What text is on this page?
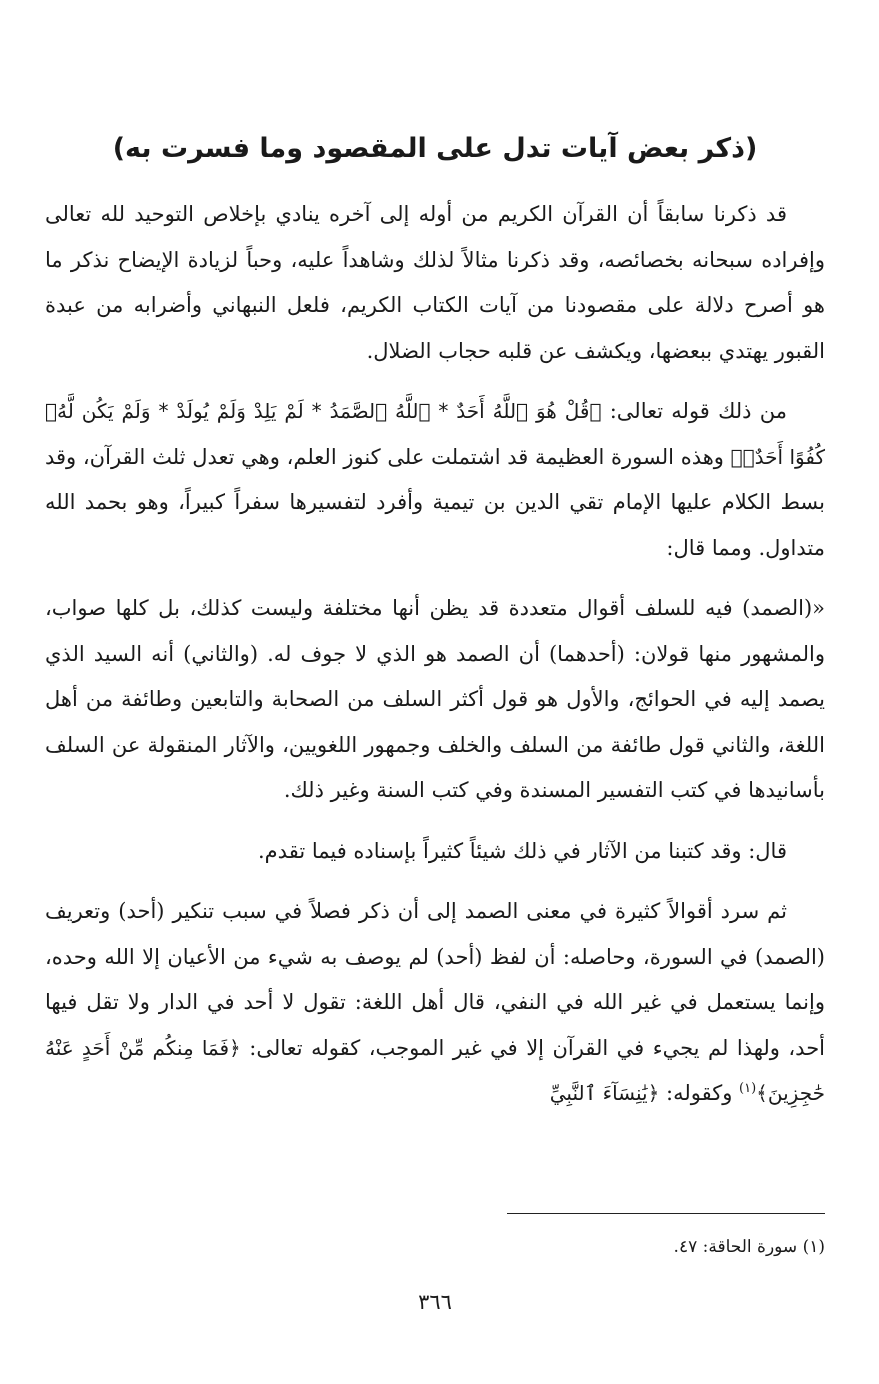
(ذكر بعض آيات تدل على المقصود وما فسرت به)

قد ذكرنا سابقاً أن القرآن الكريم من أوله إلى آخره ينادي بإخلاص التوحيد لله تعالى وإفراده سبحانه بخصائصه، وقد ذكرنا مثالاً لذلك وشاهداً عليه، وحباً لزيادة الإيضاح نذكر ما هو أصرح دلالة على مقصودنا من آيات الكتاب الكريم، فلعل النبهاني وأضرابه من عبدة القبور يهتدي ببعضها، ويكشف عن قلبه حجاب الضلال.

من ذلك قوله تعالى: ﴿قُلْ هُوَ ٱللَّهُ أَحَدٌ * ٱللَّهُ ٱلصَّمَدُ * لَمْ يَلِدْ وَلَمْ يُولَدْ * وَلَمْ يَكُن لَّهُۥ كُفُوًا أَحَدٌۢ﴾ وهذه السورة العظيمة قد اشتملت على كنوز العلم، وهي تعدل ثلث القرآن، وقد بسط الكلام عليها الإمام تقي الدين بن تيمية وأفرد لتفسيرها سفراً كبيراً، وهو بحمد الله متداول. ومما قال:

«(الصمد) فيه للسلف أقوال متعددة قد يظن أنها مختلفة وليست كذلك، بل كلها صواب، والمشهور منها قولان: (أحدهما) أن الصمد هو الذي لا جوف له. (والثاني) أنه السيد الذي يصمد إليه في الحوائج، والأول هو قول أكثر السلف من الصحابة والتابعين وطائفة من أهل اللغة، والثاني قول طائفة من السلف والخلف وجمهور اللغويين، والآثار المنقولة عن السلف بأسانيدها في كتب التفسير المسندة وفي كتب السنة وغير ذلك.

قال: وقد كتبنا من الآثار في ذلك شيئاً كثيراً بإسناده فيما تقدم.

ثم سرد أقوالاً كثيرة في معنى الصمد إلى أن ذكر فصلاً في سبب تنكير (أحد) وتعريف (الصمد) في السورة، وحاصله: أن لفظ (أحد) لم يوصف به شيء من الأعيان إلا الله وحده، وإنما يستعمل في غير الله في النفي، قال أهل اللغة: تقول لا أحد في الدار ولا تقل فيها أحد، ولهذا لم يجيء في القرآن إلا في غير الموجب، كقوله تعالى: ﴿فَمَا مِنكُم مِّنْ أَحَدٍ عَنْهُ حَٰجِزِينَ﴾$^{(١)}$ وكقوله: ﴿يَٰنِسَآءَ ٱلنَّبِيِّ

(١) سورة الحاقة: ٤٧.

٣٦٦
